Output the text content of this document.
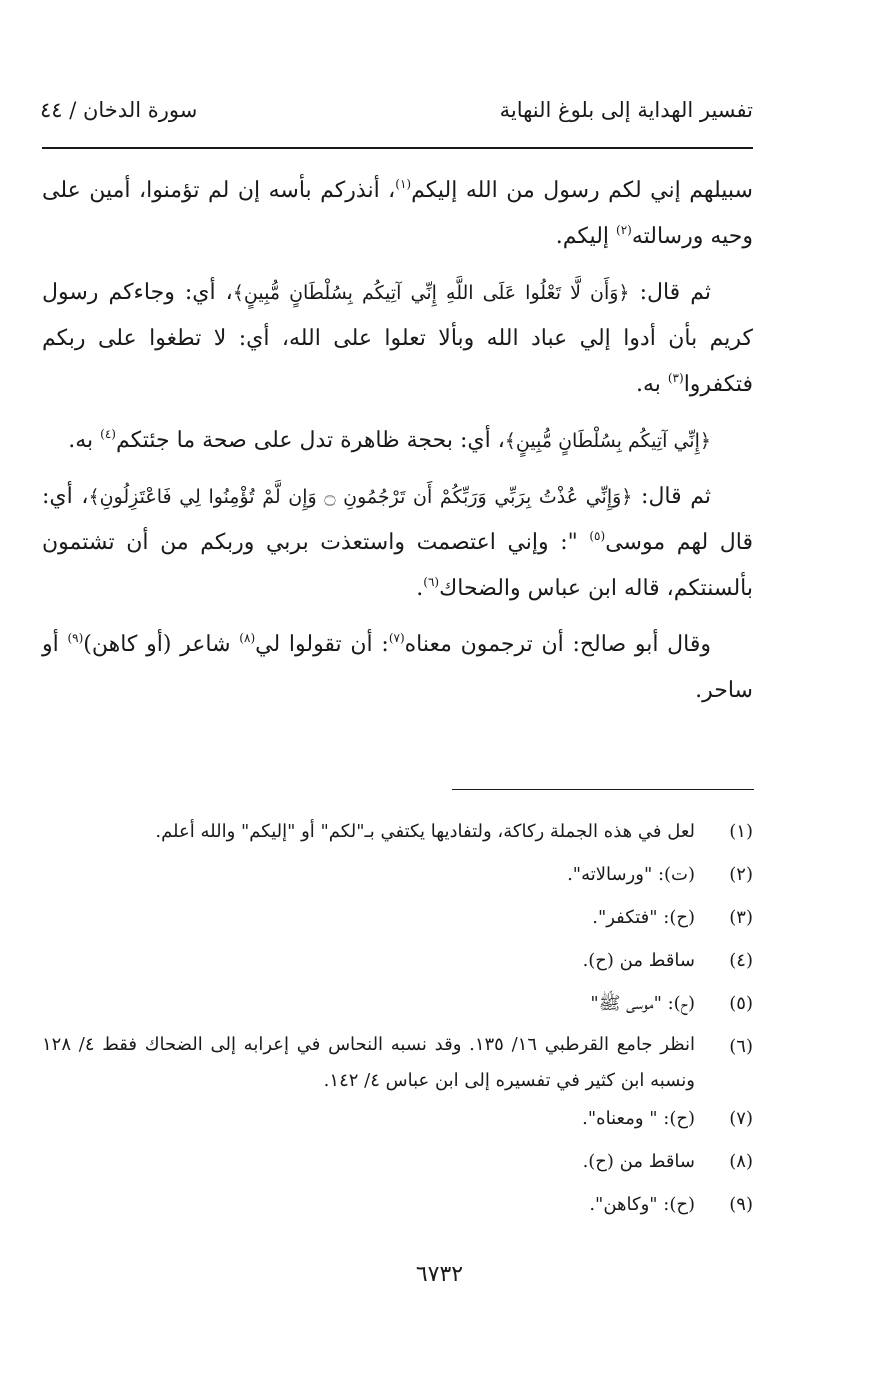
تفسير الهداية إلى بلوغ النهاية
سورة الدخان / ٤٤

سبيلهم إني لكم رسول من الله إليكم$^{(١)}$، أنذركم بأسه إن لم تؤمنوا، أمين على وحيه ورسالته$^{(٢)}$ إليكم.

ثم قال: ﴿وَأَن لَّا تَعْلُوا عَلَى اللَّهِ إِنِّي آتِيكُم بِسُلْطَانٍ مُّبِينٍ﴾، أي: وجاءكم رسول كريم بأن أدوا إلي عباد الله وبألا تعلوا على الله، أي: لا تطغوا على ربكم فتكفروا$^{(٣)}$ به.

﴿إِنِّي آتِيكُم بِسُلْطَانٍ مُّبِينٍ﴾، أي: بحجة ظاهرة تدل على صحة ما جئتكم$^{(٤)}$ به.

ثم قال: ﴿وَإِنِّي عُذْتُ بِرَبِّي وَرَبِّكُمْ أَن تَرْجُمُونِ ۝ وَإِن لَّمْ تُؤْمِنُوا لِي فَاعْتَزِلُونِ﴾، أي: قال لهم موسى$^{(٥)}$ ": وإني اعتصمت واستعذت بربي وربكم من أن تشتمون بألسنتكم، قاله ابن عباس والضحاك$^{(٦)}$.

وقال أبو صالح: أن ترجمون معناه$^{(٧)}$: أن تقولوا لي$^{(٨)}$ شاعر (أو كاهن)$^{(٩)}$ أو ساحر.

(١)
لعل في هذه الجملة ركاكة، ولتفاديها يكتفي بـ"لكم" أو "إليكم" والله أعلم.
(٢)
(ت): "ورسالاته".
(٣)
(ح): "فتكفر".
(٤)
ساقط من (ح).
(٥)
(ح): "موسى ﷺ"
(٦)
انظر جامع القرطبي ١٦/ ١٣٥. وقد نسبه النحاس في إعرابه إلى الضحاك فقط ٤/ ١٢٨ ونسبه ابن كثير في تفسيره إلى ابن عباس ٤/ ١٤٢.
(٧)
(ح): " ومعناه".
(٨)
ساقط من (ح).
(٩)
(ح): "وكاهن".
٦٧٣٢
